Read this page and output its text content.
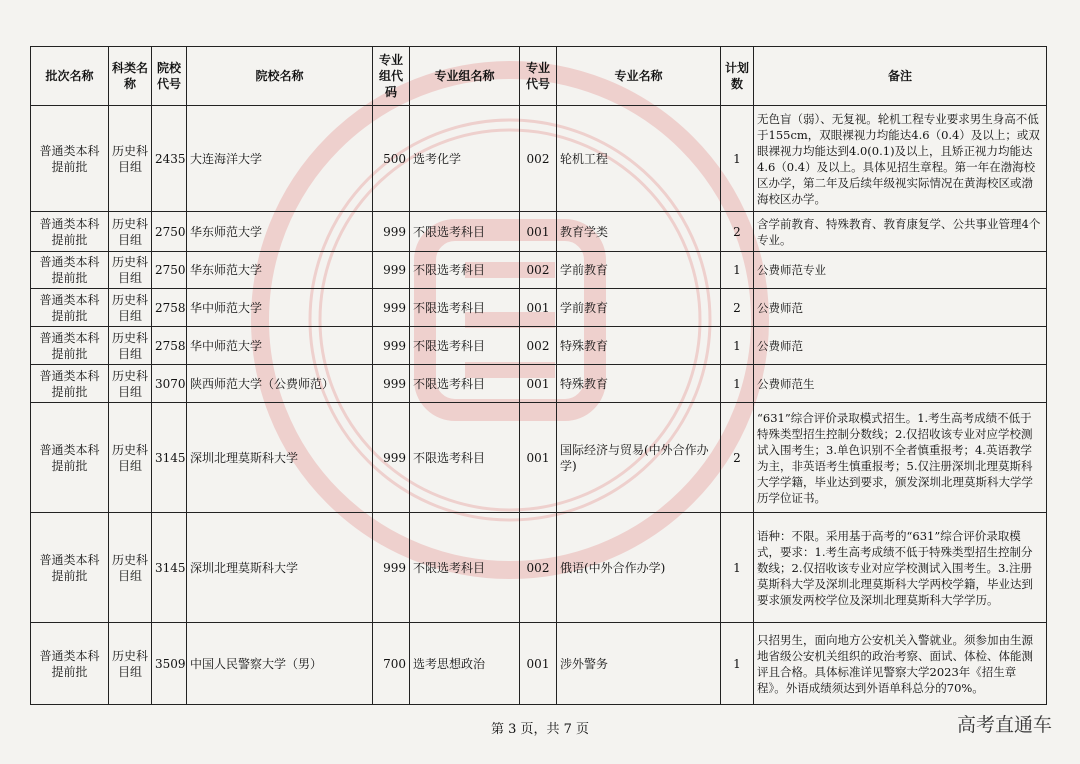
批次名称	科类名称	院校代号	院校名称	专业组代码	专业组名称	专业代号	专业名称	计划数	备注
普通类本科提前批	历史科目组	2435	大连海洋大学	500	选考化学	002	轮机工程	1	无色盲（弱）、无复视。轮机工程专业要求男生身高不低于155cm，双眼裸视力均能达4.6（0.4）及以上；或双眼裸视力均能达到4.0(0.1)及以上，且矫正视力均能达4.6（0.4）及以上。具体见招生章程。第一年在渤海校区办学，第二年及后续年级视实际情况在黄海校区或渤海校区办学。
普通类本科提前批	历史科目组	2750	华东师范大学	999	不限选考科目	001	教育学类	2	含学前教育、特殊教育、教育康复学、公共事业管理4个专业。
普通类本科提前批	历史科目组	2750	华东师范大学	999	不限选考科目	002	学前教育	1	公费师范专业
普通类本科提前批	历史科目组	2758	华中师范大学	999	不限选考科目	001	学前教育	2	公费师范
普通类本科提前批	历史科目组	2758	华中师范大学	999	不限选考科目	002	特殊教育	1	公费师范
普通类本科提前批	历史科目组	3070	陕西师范大学（公费师范）	999	不限选考科目	001	特殊教育	1	公费师范生
普通类本科提前批	历史科目组	3145	深圳北理莫斯科大学	999	不限选考科目	001	国际经济与贸易(中外合作办学)	2	“631”综合评价录取模式招生。1.考生高考成绩不低于特殊类型招生控制分数线；2.仅招收该专业对应学校测试入围考生；3.单色识别不全者慎重报考；4.英语教学为主，非英语考生慎重报考；5.仅注册深圳北理莫斯科大学学籍，毕业达到要求，颁发深圳北理莫斯科大学学历学位证书。
普通类本科提前批	历史科目组	3145	深圳北理莫斯科大学	999	不限选考科目	002	俄语(中外合作办学)	1	语种：不限。采用基于高考的“631”综合评价录取模式，要求：1.考生高考成绩不低于特殊类型招生控制分数线；2.仅招收该专业对应学校测试入围考生。3.注册莫斯科大学及深圳北理莫斯科大学两校学籍，毕业达到要求颁发两校学位及深圳北理莫斯科大学学历。
普通类本科提前批	历史科目组	3509	中国人民警察大学（男）	700	选考思想政治	001	涉外警务	1	只招男生，面向地方公安机关入警就业。须参加由生源地省级公安机关组织的政治考察、面试、体检、体能测评且合格。具体标准详见警察大学2023年《招生章程》。外语成绩须达到外语单科总分的70%。
第 3 页，共 7 页	高考直通车
